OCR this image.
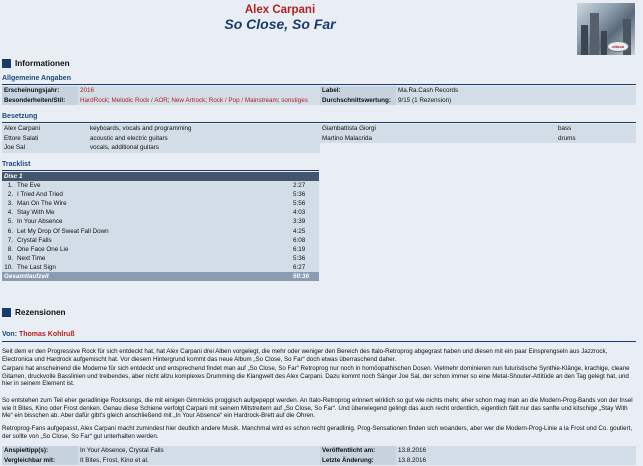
Alex Carpani
So Close, So Far
ottava
Informationen
Allgemeine Angaben
Erscheinungsjahr:	2016	Label:	Ma.Ra.Cash Records
Besonderheiten/Stil:	HardRock; Melodic Rock / AOR; New Artrock; Rock / Pop / Mainstream; sonstiges	Durchschnittswertung:	9/15 (1 Rezension)
Besetzung
Alex Carpani	keyboards, vocals and programming	Giambattista Giorgi	bass
Ettore Salati	acoustic and electric guitars	Martino Malacrida	drums
Joe Sal	vocals, additional guitars		
Tracklist
Disc 1		
1.	The Eve	2:27
2.	I Tried And Tried	5:36
3.	Man On The Wire	5:56
4.	Stay With Me	4:03
5.	In Your Absence	3:39
6.	Let My Drop Of Sweat Fall Down	4:25
7.	Crystal Falls	6:08
8.	One Face One Lie	6:19
9.	Next Time	5:36
10.	The Last Sign	6:27
Gesamtlaufzeit		50:36
Rezensionen
Von: Thomas Kohlruß
Seit dem er den Progressive Rock für sich entdeckt hat, hat Alex Carpani drei Alben vorgelegt, die mehr oder weniger den Bereich des Italo-Retroprog abgegrast haben und diesen mit ein paar Einsprengseln aus Jazzrock, Electronica und Hardrock aufgemischt hat. Vor diesem Hintergrund kommt das neue Album „So Close, So Far“ doch etwas überraschend daher.
Carpani hat anscheinend die Moderne für sich entdeckt und entsprechend findet man auf „So Close, So Far“ Retroprog nur noch in homöopathischen Dosen. Vielmehr dominieren nun futuristische Synthie-Klänge, krachige, cleane Gitarren, druckvolle Basslinien und treibendes, aber nicht allzu komplexes Drumming die Klangwelt des Alex Carpani. Dazu kommt noch Sänger Joe Sal, der schon immer so eine Metal-Shouter-Attitüde an den Tag gelegt hat, und hier in seinem Element ist.
So entstehen zum Teil eher geradlinige Rocksongs, die mit einigen Gimmicks proggisch aufgepeppt werden. An Italo-Retroprog erinnert wirklich so gut wie nichts mehr, eher schon mag man an die Modern-Prog-Bands von der Insel wie It Bites, Kino oder Frost denken. Genau diese Schiene verfolgt Carpani mit seinem Mitstreitern auf „So Close, So Far“. Und überwiegend gelingt das auch recht ordentlich, eigentlich fällt nur das sanfte und kitschige „Stay With Me“ ein bisschen ab. Aber dafür gibt's gleich anschließend mit „In Your Absence“ ein Hardrock-Brett auf die Ohren.
Retroprog-Fans aufgepasst, Alex Carpani macht zumindest hier deutlich andere Musik. Manchmal wird es schon recht geradlinig. Prog-Sensationen finden sich woanders, aber wer die Modern-Prog-Linie a la Frost und Co. goutiert, der sollte von „So Close, So Far“ gut unterhalten werden.
Anspieltipp(s):	In Your Absence, Crystal Falls	Veröffentlicht am:	13.8.2016
Vergleichbar mit:	It Bites, Frost, Kino et al.	Letzte Änderung:	13.8.2016
